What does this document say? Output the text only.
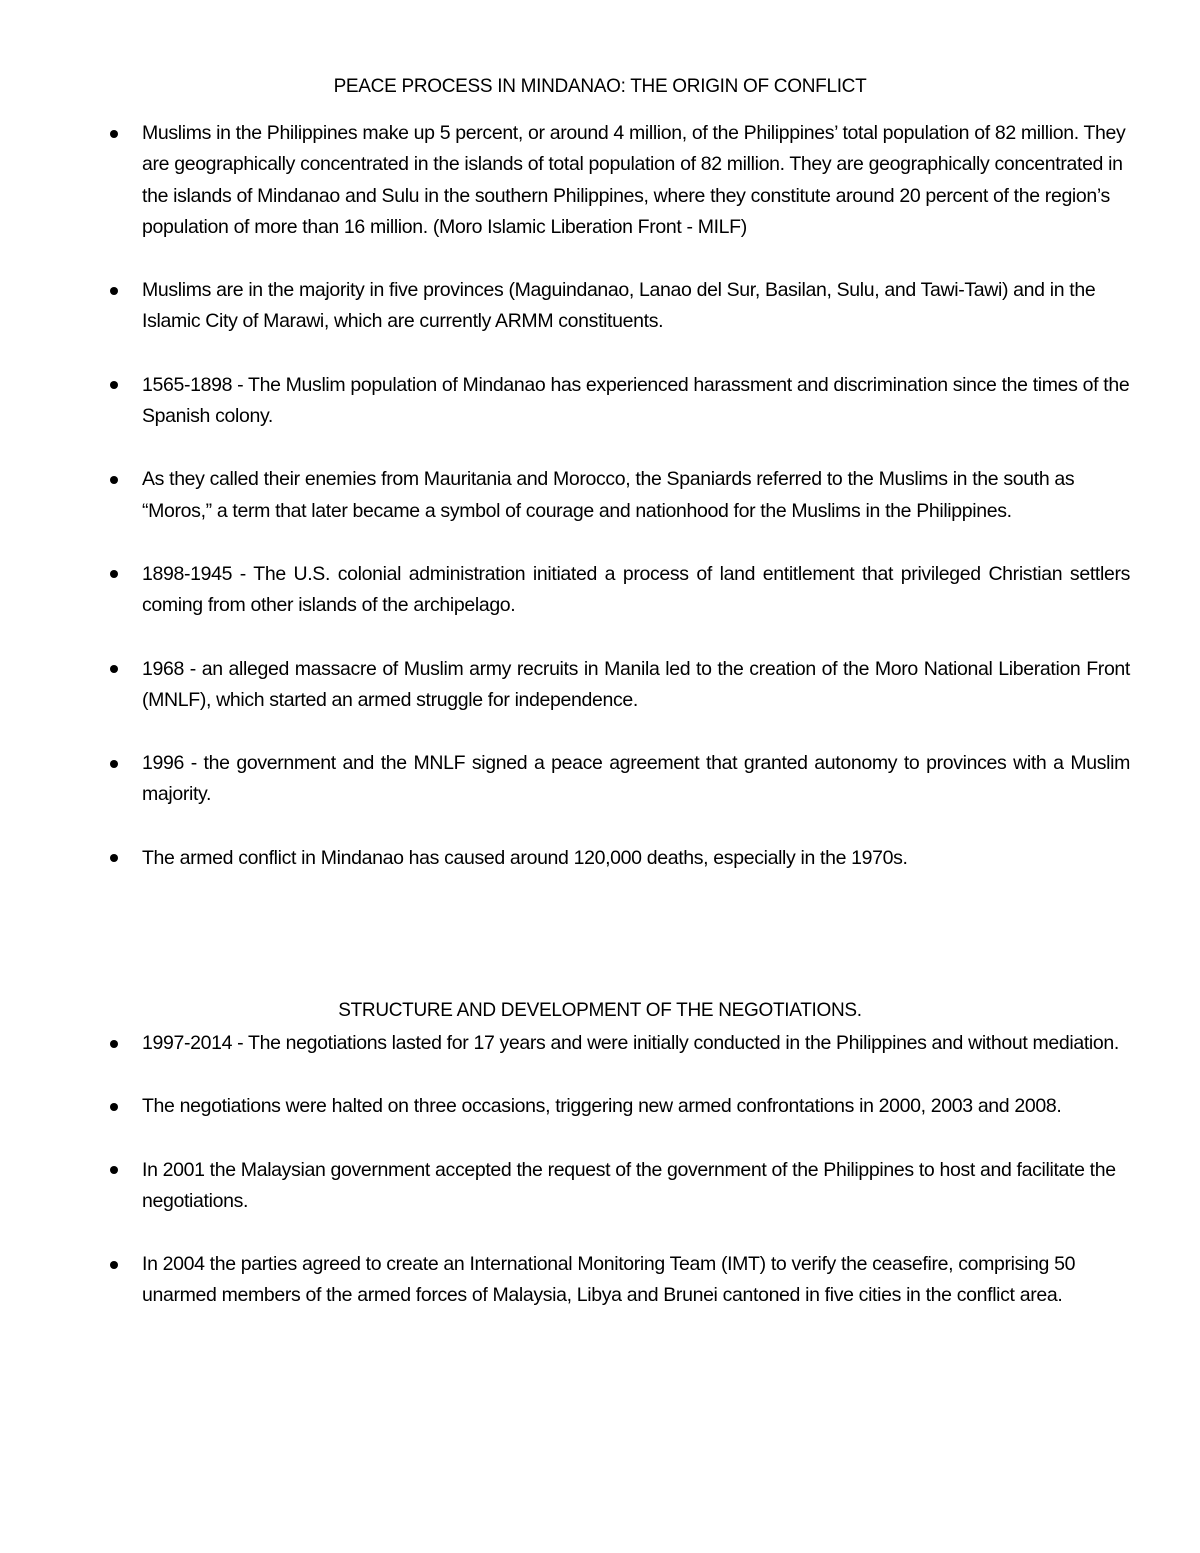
PEACE PROCESS IN MINDANAO: THE ORIGIN OF CONFLICT
Muslims in the Philippines make up 5 percent, or around 4 million, of the Philippines’ total population of 82 million. They are geographically concentrated in the islands of total population of 82 million. They are geographically concentrated in the islands of Mindanao and Sulu in the southern Philippines, where they constitute around 20 percent of the region’s population of more than 16 million. (Moro Islamic Liberation Front - MILF)
Muslims are in the majority in five provinces (Maguindanao, Lanao del Sur, Basilan, Sulu, and Tawi-Tawi) and in the Islamic City of Marawi, which are currently ARMM constituents.
1565-1898 - The Muslim population of Mindanao has experienced harassment and discrimination since the times of the Spanish colony.
As they called their enemies from Mauritania and Morocco, the Spaniards referred to the Muslims in the south as “Moros,” a term that later became a symbol of courage and nationhood for the Muslims in the Philippines.
1898-1945 - The U.S. colonial administration initiated a process of land entitlement that privileged Christian settlers coming from other islands of the archipelago.
1968 - an alleged massacre of Muslim army recruits in Manila led to the creation of the Moro National Liberation Front (MNLF), which started an armed struggle for independence.
1996 - the government and the MNLF signed a peace agreement that granted autonomy to provinces with a Muslim majority.
The armed conflict in Mindanao has caused around 120,000 deaths, especially in the 1970s.
STRUCTURE AND DEVELOPMENT OF THE NEGOTIATIONS.
1997-2014 - The negotiations lasted for 17 years and were initially conducted in the Philippines and without mediation.
The negotiations were halted on three occasions, triggering new armed confrontations in 2000, 2003 and 2008.
In 2001 the Malaysian government accepted the request of the government of the Philippines to host and facilitate the negotiations.
In 2004 the parties agreed to create an International Monitoring Team (IMT) to verify the ceasefire, comprising 50 unarmed members of the armed forces of Malaysia, Libya and Brunei cantoned in five cities in the conflict area.
